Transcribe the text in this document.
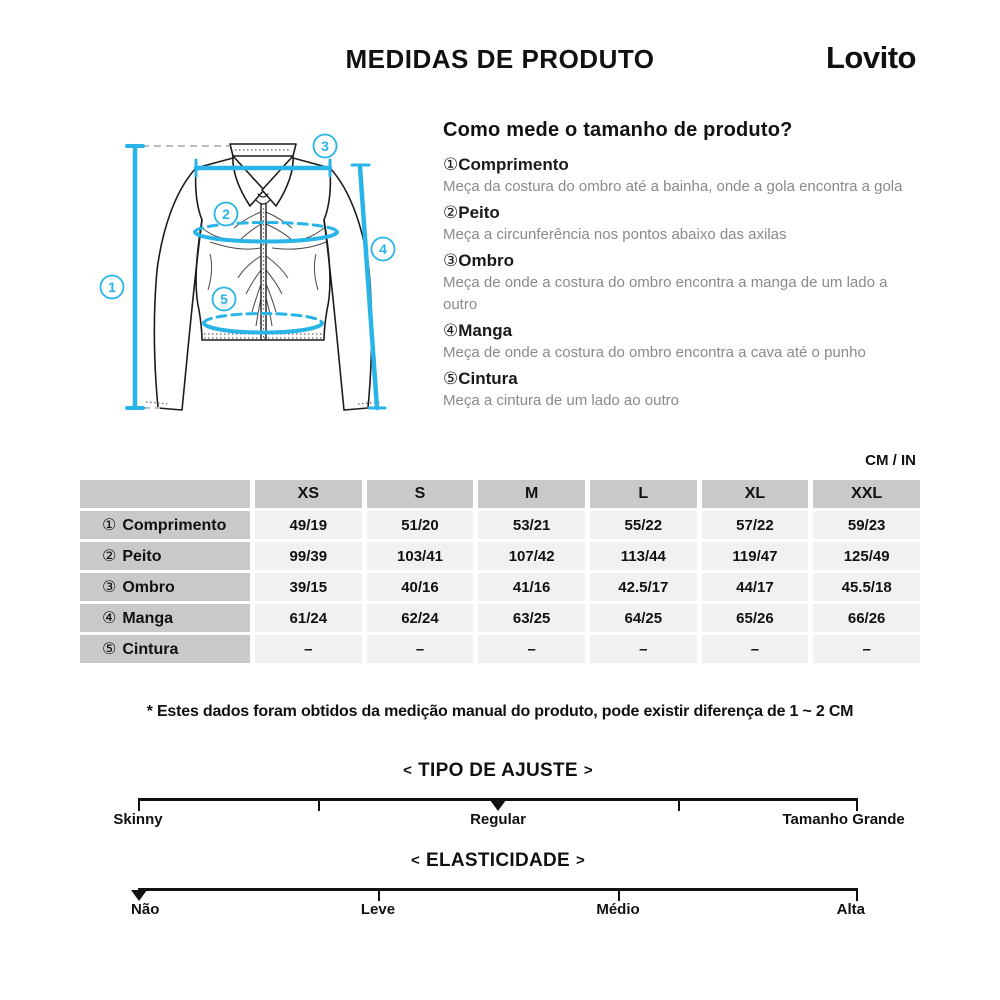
MEDIDAS DE PRODUTO	Lovito
1
2
3
4
5
Como mede o tamanho de produto?
①Comprimento
Meça da costura do ombro até a bainha, onde a gola encontra a gola
②Peito
Meça a circunferência nos pontos abaixo das axilas
③Ombro
Meça de onde a costura do ombro encontra a manga de um lado a outro
④Manga
Meça de onde a costura do ombro encontra a cava até o punho
⑤Cintura
Meça a cintura de um lado ao outro
CM / IN
	XS	S	M	L	XL	XXL
① Comprimento	49/19	51/20	53/21	55/22	57/22	59/23
② Peito	99/39	103/41	107/42	113/44	119/47	125/49
③ Ombro	39/15	40/16	41/16	42.5/17	44/17	45.5/18
④ Manga	61/24	62/24	63/25	64/25	65/26	66/26
⑤ Cintura	–	–	–	–	–	–
* Estes dados foram obtidos da medição manual do produto, pode existir diferença de 1 ~ 2 CM
< TIPO DE AJUSTE >
Skinny	Regular	Tamanho Grande
< ELASTICIDADE >
Não	Leve	Médio	Alta
